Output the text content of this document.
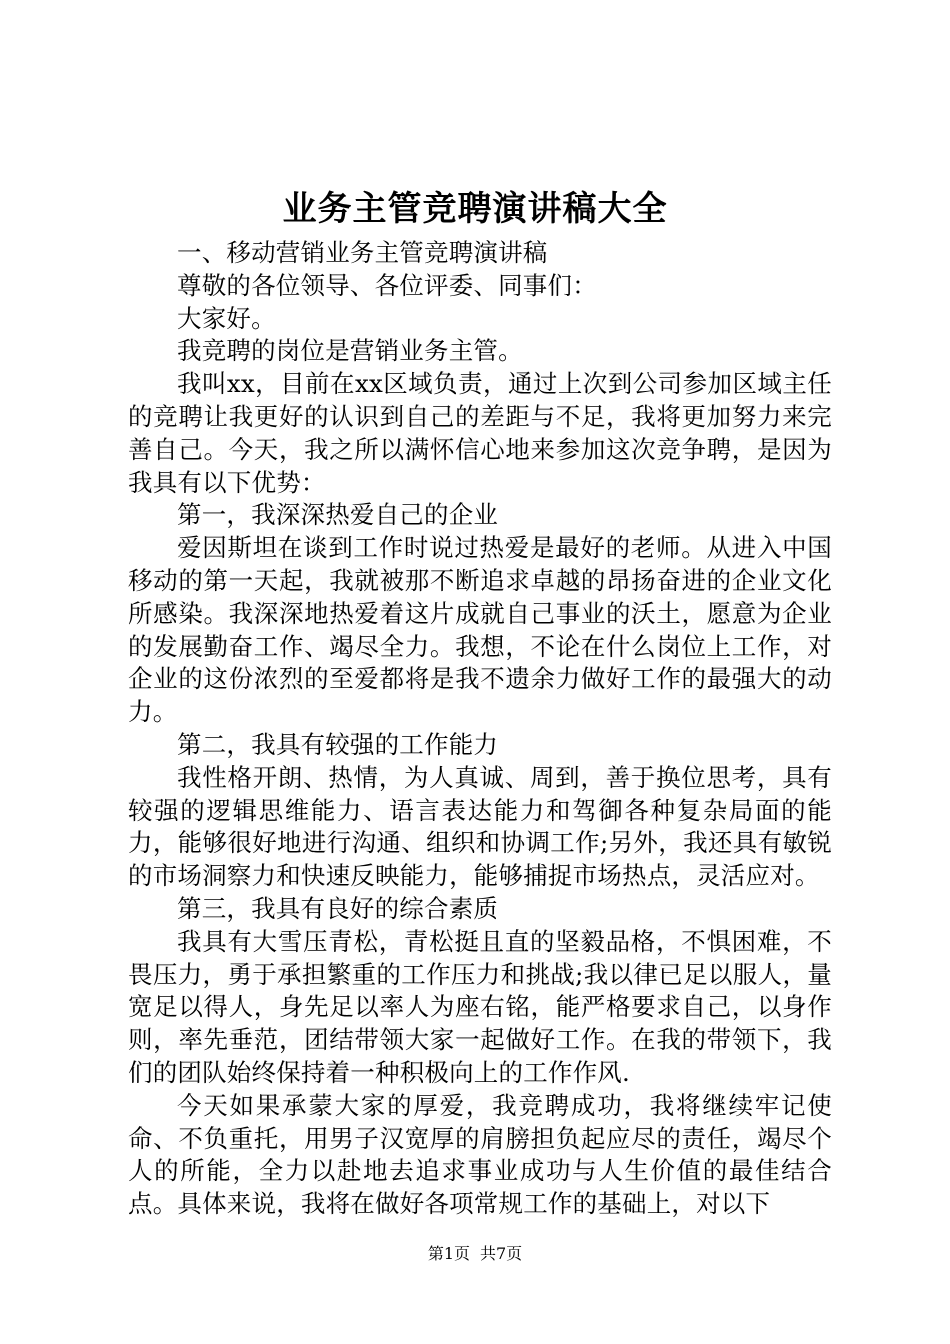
业务主管竞聘演讲稿大全

一、移动营销业务主管竞聘演讲稿

尊敬的各位领导、各位评委、同事们：

大家好。

我竞聘的岗位是营销业务主管。

我叫xx，目前在xx区域负责，通过上次到公司参加区域主任的竞聘让我更好的认识到自己的差距与不足，我将更加努力来完善自己。今天，我之所以满怀信心地来参加这次竞争聘，是因为我具有以下优势：

第一，我深深热爱自己的企业

爱因斯坦在谈到工作时说过热爱是最好的老师。从进入中国移动的第一天起，我就被那不断追求卓越的昂扬奋进的企业文化所感染。我深深地热爱着这片成就自己事业的沃土，愿意为企业的发展勤奋工作、竭尽全力。我想，不论在什么岗位上工作，对企业的这份浓烈的至爱都将是我不遗余力做好工作的最强大的动力。

第二，我具有较强的工作能力

我性格开朗、热情，为人真诚、周到，善于换位思考，具有较强的逻辑思维能力、语言表达能力和驾御各种复杂局面的能力，能够很好地进行沟通、组织和协调工作;另外，我还具有敏锐的市场洞察力和快速反映能力，能够捕捉市场热点，灵活应对。

第三，我具有良好的综合素质

我具有大雪压青松，青松挺且直的坚毅品格，不惧困难，不畏压力，勇于承担繁重的工作压力和挑战;我以律已足以服人，量宽足以得人，身先足以率人为座右铭，能严格要求自己，以身作则，率先垂范，团结带领大家一起做好工作。在我的带领下，我们的团队始终保持着一种积极向上的工作作风.

今天如果承蒙大家的厚爱，我竞聘成功，我将继续牢记使命、不负重托，用男子汉宽厚的肩膀担负起应尽的责任，竭尽个人的所能，全力以赴地去追求事业成功与人生价值的最佳结合点。具体来说，我将在做好各项常规工作的基础上，对以下

第1页 共7页
